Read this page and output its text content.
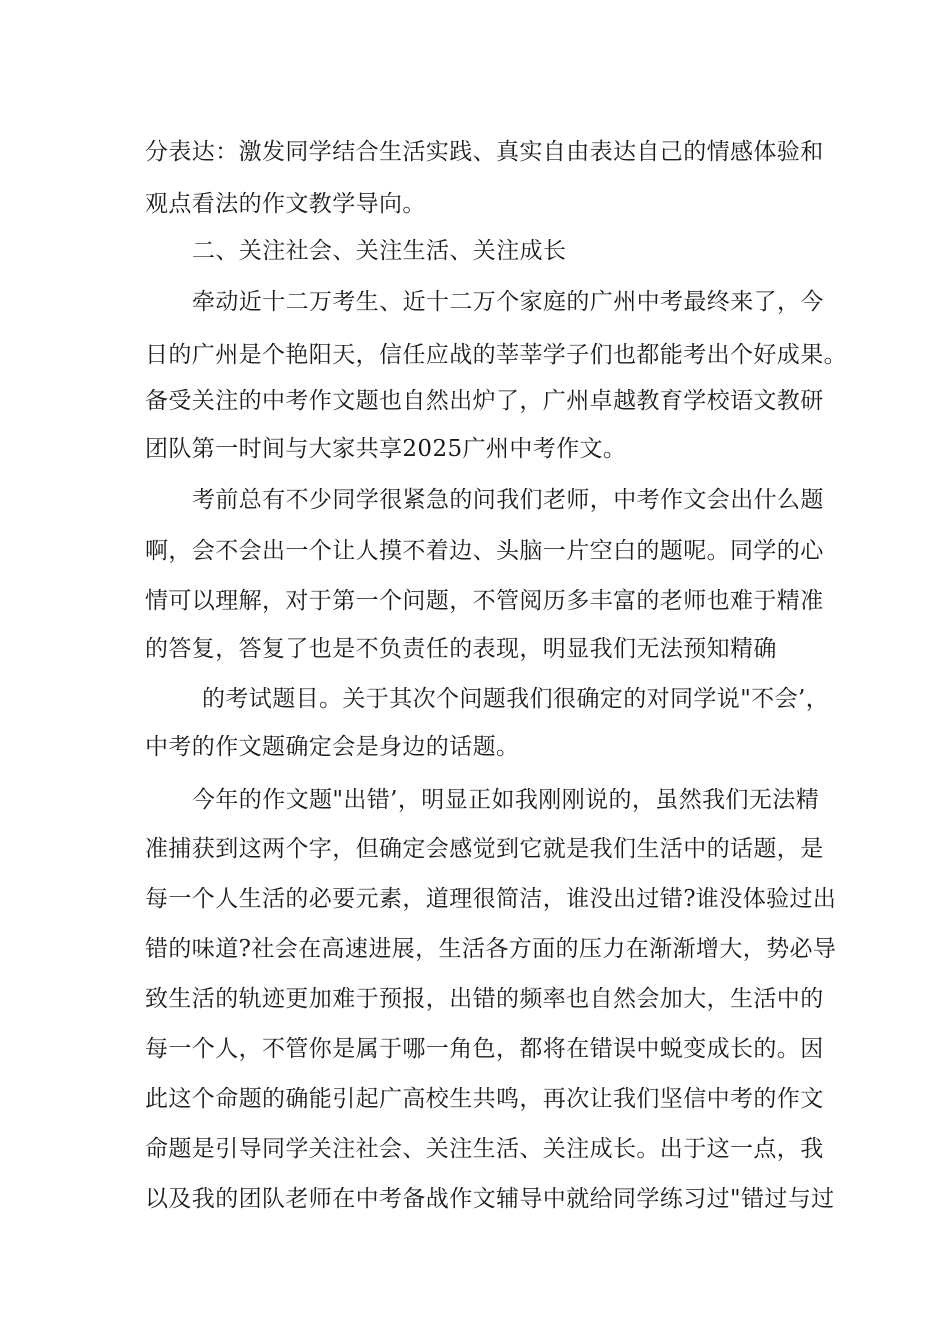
分表达：激发同学结合生活实践、真实自由表达自己的情感体验和
观点看法的作文教学导向。
二、关注社会、关注生活、关注成长
牵动近十二万考生、近十二万个家庭的广州中考最终来了，今
日的广州是个艳阳天，信任应战的莘莘学子们也都能考出个好成果。
备受关注的中考作文题也自然出炉了，广州卓越教育学校语文教研
团队第一时间与大家共享2025广州中考作文。
考前总有不少同学很紧急的问我们老师，中考作文会出什么题
啊，会不会出一个让人摸不着边、头脑一片空白的题呢。同学的心
情可以理解，对于第一个问题，不管阅历多丰富的老师也难于精准
的答复，答复了也是不负责任的表现，明显我们无法预知精确
的考试题目。关于其次个问题我们很确定的对同学说"不会’，
中考的作文题确定会是身边的话题。
今年的作文题"出错’，明显正如我刚刚说的，虽然我们无法精
准捕获到这两个字，但确定会感觉到它就是我们生活中的话题，是
每一个人生活的必要元素，道理很简洁，谁没出过错?谁没体验过出
错的味道?社会在高速进展，生活各方面的压力在渐渐增大，势必导
致生活的轨迹更加难于预报，出错的频率也自然会加大，生活中的
每一个人，不管你是属于哪一角色，都将在错误中蜕变成长的。因
此这个命题的确能引起广高校生共鸣，再次让我们坚信中考的作文
命题是引导同学关注社会、关注生活、关注成长。出于这一点，我
以及我的团队老师在中考备战作文辅导中就给同学练习过"错过与过
